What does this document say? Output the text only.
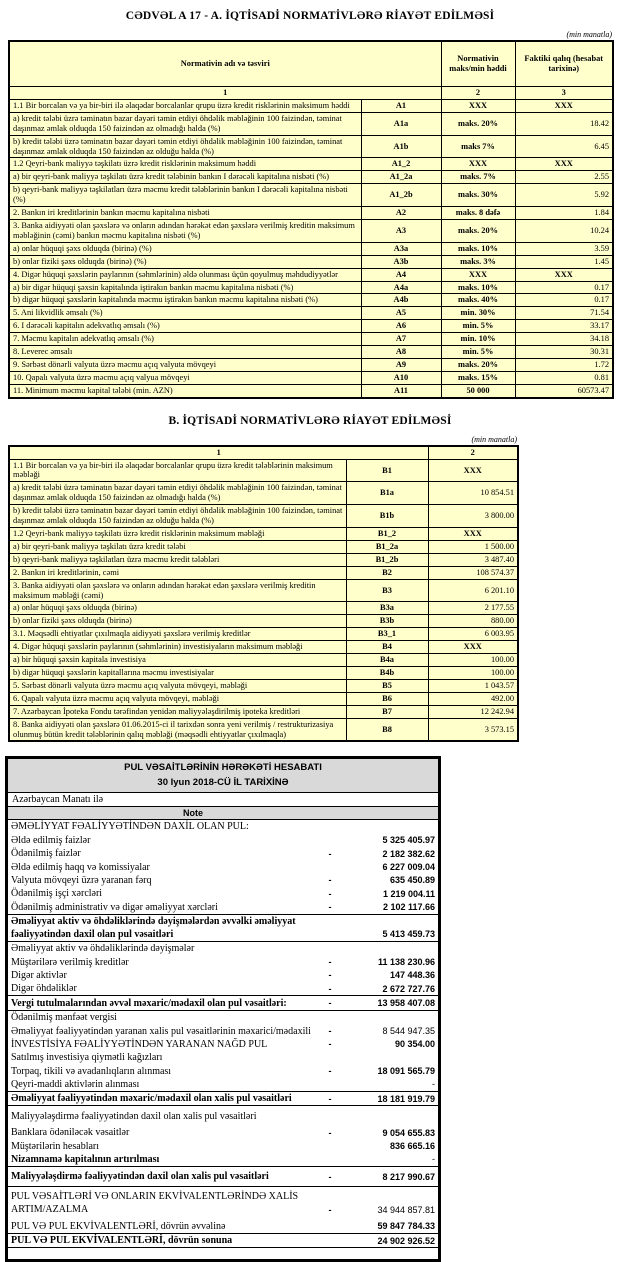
CƏDVƏL A 17 - A. İQTİSADİ NORMATİVLƏRƏ RİAYƏT EDİLMƏSİ
(min manatla)
Normativin adı və təsviri		Normativin maks/min həddi	Faktiki qalıq (hesabat tarixinə)
1		2	3
1.1 Bir borcalan və ya bir-biri ilə əlaqədar borcalanlar qrupu üzrə kredit risklərinin maksimum həddi	A1	XXX	XXX
a) kredit tələbi üzrə təminatın bazar dəyəri təmin etdiyi öhdəlik məbləğinin 100 faizindən, təminat daşınmaz əmlak olduqda 150 faizindən az olmadığı halda (%)	A1a	maks. 20%	18.42
b) kredit tələbi üzrə təminatın bazar dəyəri təmin etdiyi öhdəlik məbləğinin 100 faizindən, təminat daşınmaz əmlak olduqda 150 faizindən az olduğu halda (%)	A1b	maks 7%	6.45
1.2 Qeyri-bank maliyyə təşkilatı üzrə kredit risklərinin maksimum həddi	A1_2	XXX	XXX
a) bir qeyri-bank maliyyə təşkilatı üzrə kredit tələbinin bankın I dərəcəli kapitalına nisbəti (%)	A1_2a	maks. 7%	2.55
b) qeyri-bank maliyyə təşkilatları üzrə məcmu kredit tələblərinin bankın I dərəcəli kapitalına nisbəti (%)	A1_2b	maks. 30%	5.92
2. Bankın iri kreditlərinin bankın məcmu kapitalına nisbəti	A2	maks. 8 dəfə	1.84
3. Banka aidiyyəti olan şəxslərə və onların adından hərəkət edən şəxslərə verilmiş kreditin maksimum məbləğinin (cəmi) bankın məcmu kapitalına nisbəti (%)	A3	maks. 20%	10.24
a) onlar hüquqi şəxs olduqda (birinə) (%)	A3a	maks. 10%	3.59
b) onlar fiziki şəxs olduqda (birinə) (%)	A3b	maks. 3%	1.45
4. Digər hüquqi şəxslərin paylarının (səhmlərinin) əldə olunması üçün qoyulmuş məhdudiyyətlər	A4	XXX	XXX
a) bir digər hüquqi şəxsin kapitalında iştirakın bankın məcmu kapitalına nisbəti (%)	A4a	maks. 10%	0.17
b) digər hüquqi şəxslərin kapitalında məcmu iştirakın bankın məcmu kapitalına nisbəti (%)	A4b	maks. 40%	0.17
5. Ani likvidlik əmsalı (%)	A5	min. 30%	71.54
6. I dərəcəli kapitalın adekvatlıq əmsalı (%)	A6	min. 5%	33.17
7. Məcmu kapitalın adekvatlıq əmsalı (%)	A7	min. 10%	34.18
8. Leverec əmsalı	A8	min. 5%	30.31
9. Sərbəst dönərli valyuta üzrə məcmu açıq valyuta mövqeyi	A9	maks. 20%	1.72
10. Qapalı valyuta üzrə məcmu açıq valyua mövqeyi	A10	maks. 15%	0.81
11. Minimum məcmu kapital tələbi (min. AZN)	A11	50 000	60573.47
B. İQTİSADİ NORMATİVLƏRƏ RİAYƏT EDİLMƏSİ
(min manatla)
1		2
1.1 Bir borcalan və ya bir-biri ilə əlaqədar borcalanlar qrupu üzrə kredit tələblərinin maksimum məbləği	B1	XXX
a) kredit tələbi üzrə təminatın bazar dəyəri təmin etdiyi öhdəlik məbləğinin 100 faizindən, təminat daşınmaz əmlak olduqda 150 faizindən az olmadığı halda (%)	B1a	10 854.51
b) kredit tələbi üzrə təminatın bazar dəyəri təmin etdiyi öhdəlik məbləğinin 100 faizindən, təminat daşınmaz əmlak olduqda 150 faizindən az olduğu halda (%)	B1b	3 800.00
1.2 Qeyri-bank maliyyə təşkilatı üzrə kredit risklərinin maksimum məbləği	B1_2	XXX
a) bir qeyri-bank maliyyə təşkilatı üzrə kredit tələbi	B1_2a	1 500.00
b) qeyri-bank maliyyə təşkilatları üzrə məcmu kredit tələbləri	B1_2b	3 487.40
2. Bankın iri kreditlərinin, cəmi	B2	108 574.37
3. Banka aidiyyəti olan şəxslərə və onların adından hərəkət edən şəxslərə verilmiş kreditin maksimum məbləği (cəmi)	B3	6 201.10
a) onlar hüquqi şəxs olduqda (birinə)	B3a	2 177.55
b) onlar fiziki şəxs olduqda (birinə)	B3b	880.00
3.1. Məqsədli ehtiyatlar çıxılmaqla aidiyyəti şəxslərə verilmiş kreditlər	B3_1	6 003.95
4. Digər hüquqi şəxslərin paylarının (səhmlərinin) investisiyaların maksimum məbləği	B4	XXX
a) bir hüquqi şəxsin kapitala investisiya	B4a	100.00
b) digər hüquqi şəxslərin kapitallarına məcmu investisiyalar	B4b	100.00
5. Sərbəst dönərli valyuta üzrə məcmu açıq valyuta mövqeyi, məbləği	B5	1 043.57
6. Qapalı valyuta üzrə məcmu açıq valyuta mövqeyi, məbləği	B6	492.00
7. Azərbaycan İpoteka Fondu tərəfindən yenidən maliyyələşdirilmiş ipoteka kreditləri	B7	12 242.94
8. Banka aidiyyəti olan şəxslərə 01.06.2015-ci il tarixdən sonra yeni verilmiş / restrukturizasiya olunmuş bütün kredit tələblərinin qalıq məbləği (məqsədli ehtiyyatlar çıxılmaqla)	B8	3 573.15
PUL VƏSAİTLƏRİNİN HƏRƏKƏTİ HESABATI
30 Iyun 2018-CÜ İL TARİXİNƏ
Azərbaycan Manatı ilə
Note
ƏMƏLİYYAT FƏALİYYƏTİNDƏN DAXİL OLAN PUL:
Əldə edilmiş faizlər	5 325 405.97
Ödənilmiş faizlər	-	2 182 382.62
Əldə edilmiş haqq və komissiyalar	6 227 009.04
Valyuta mövqeyi üzrə yaranan fərq	-	635 450.89
Ödənilmiş işçi xərcləri	-	1 219 004.11
Ödənilmiş administrativ və digər əməliyyat xərcləri	-	2 102 117.66
Əməliyyat aktiv və öhdəliklərində dəyişmələrdən əvvəlki əməliyyat fəaliyyətindən daxil olan pul vəsaitləri	5 413 459.73
Əməliyyat aktiv və öhdəliklərində dəyişmələr
Müştərilərə verilmiş kreditlər	-	11 138 230.96
Digər aktivlər	-	147 448.36
Digər öhdəliklər	-	2 672 727.76
Vergi tutulmalarından əvvəl məxaric/mədaxil olan pul vəsaitləri:	-	13 958 407.08
Ödənilmiş mənfəət vergisi
Əməliyyat fəaliyyətindən yaranan xalis pul vəsaitlərinin məxarici/mədaxili	-	8 544 947.35
İNVESTİSİYA FƏALİYYƏTİNDƏN YARANAN NAĞD PUL	-	90 354.00
Satılmış investisiya qiymətli kağızları
Torpaq, tikili və avadanlıqların alınması	-	18 091 565.79
Qeyri-maddi aktivlərin alınması	-
Əməliyyat fəaliyyətindən məxaric/mədaxil olan xalis pul vəsaitləri	-	18 181 919.79
Maliyyələşdirmə fəaliyyətindən daxil olan xalis pul vəsaitləri
Banklara ödəniləcək vəsaitlər	-	9 054 655.83
Müştərilərin hesabları	836 665.16
Nizamnamə kapitalının artırılması	-
Maliyyələşdirmə fəaliyyətindən daxil olan xalis pul vəsaitləri	-	8 217 990.67
PUL VƏSAİTLƏRİ VƏ ONLARIN EKVİVALENTLƏRİNDƏ XALİS ARTIM/AZALMA	-	34 944 857.81
PUL VƏ PUL EKVİVALENTLƏRİ, dövrün əvvəlinə	59 847 784.33
PUL VƏ PUL EKVİVALENTLƏRİ, dövrün sonuna	24 902 926.52
